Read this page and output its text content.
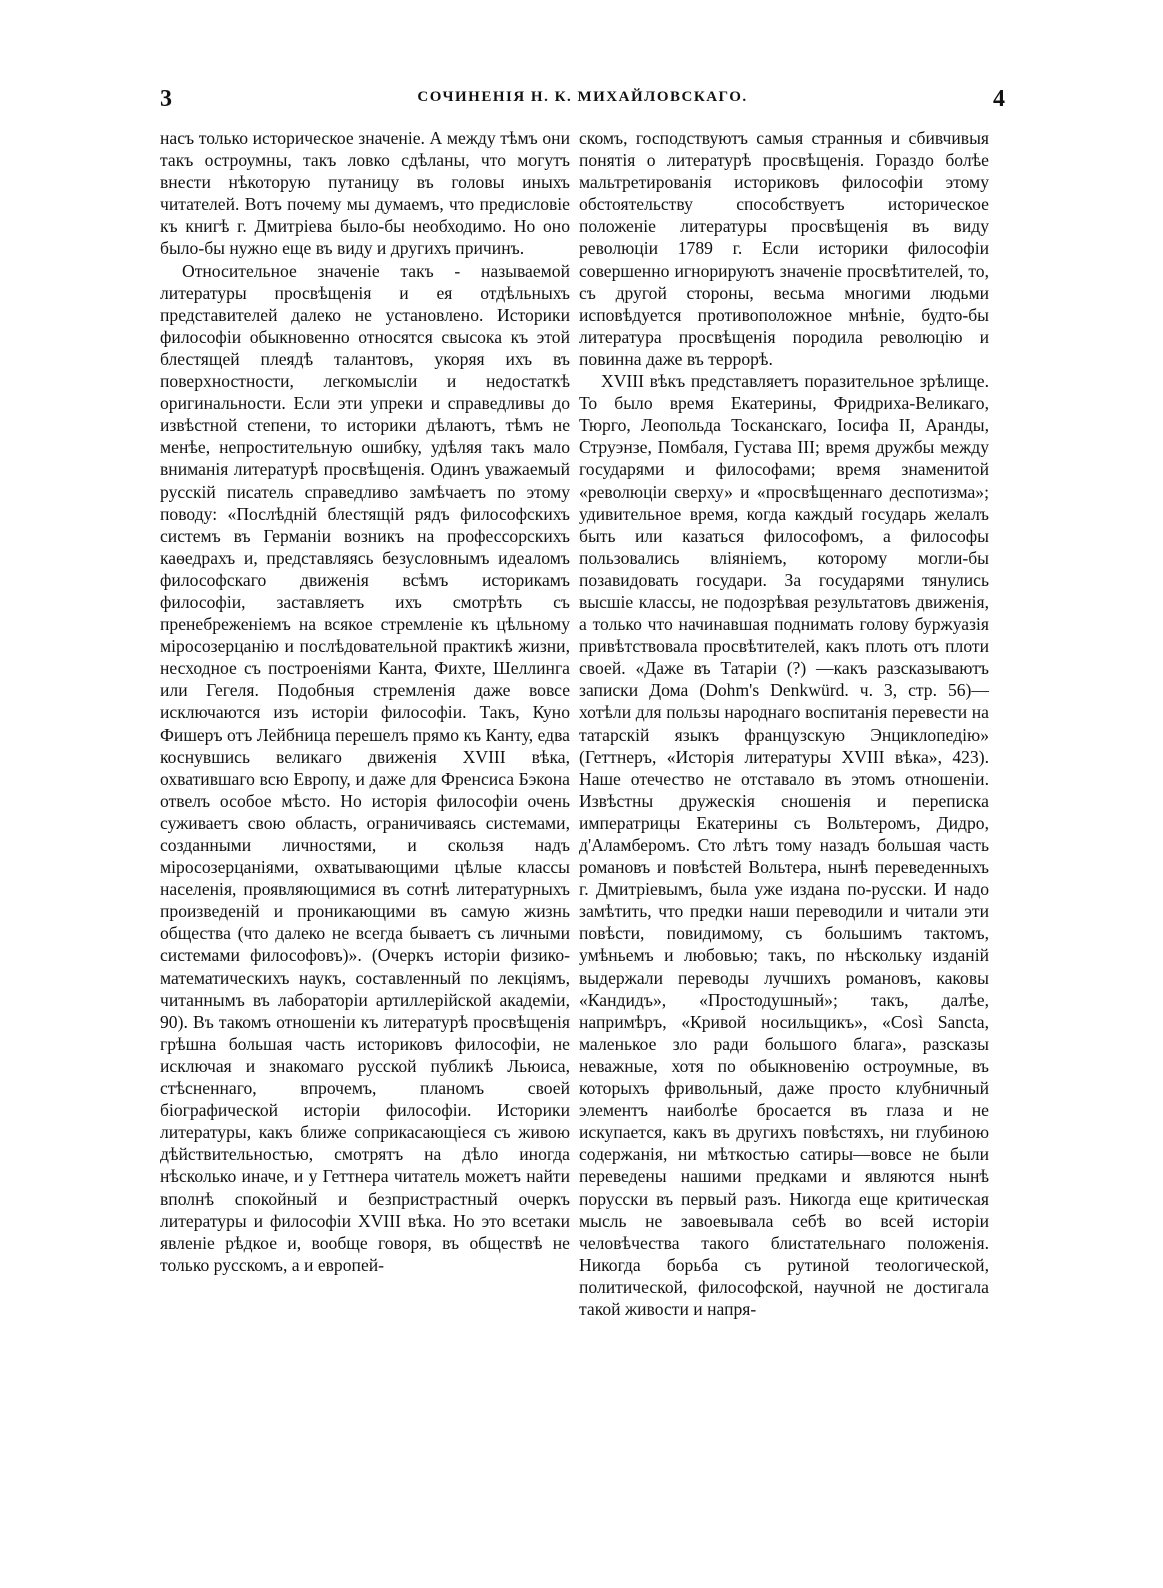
3	СОЧИНЕНІЯ Н. К. МИХАЙЛОВСКАГО.	4

насъ только историческое значеніе. А между тѣмъ они такъ остроумны, такъ ловко сдѣланы, что могутъ внести нѣкоторую путаницу въ головы иныхъ читателей. Вотъ почему мы думаемъ, что предисловіе къ книгѣ г. Дмитріева было-бы необходимо. Но оно было-бы нужно еще въ виду и другихъ причинъ.

Относительное значеніе такъ - называемой литературы просвѣщенія и ея отдѣльныхъ представителей далеко не установлено. Историки философіи обыкновенно относятся свысока къ этой блестящей плеядѣ талантовъ, укоряя ихъ въ поверхностности, легкомысліи и недостаткѣ оригинальности. Если эти упреки и справедливы до извѣстной степени, то историки дѣлаютъ, тѣмъ не менѣе, непростительную ошибку, удѣляя такъ мало вниманія литературѣ просвѣщенія. Одинъ уважаемый русскій писатель справедливо замѣчаетъ по этому поводу: «Послѣдній блестящій рядъ философскихъ системъ въ Германіи возникъ на профессорскихъ каѳедрахъ и, представляясь безусловнымъ идеаломъ философскаго движенія всѣмъ историкамъ философіи, заставляетъ ихъ смотрѣть съ пренебреженіемъ на всякое стремленіе къ цѣльному міросозерцанію и послѣдовательной практикѣ жизни, несходное съ построеніями Канта, Фихте, Шеллинга или Гегеля. Подобныя стремленія даже вовсе исключаются изъ исторіи философіи. Такъ, Куно Фишеръ отъ Лейбница перешелъ прямо къ Канту, едва коснувшись великаго движенія XVIII вѣка, охватившаго всю Европу, и даже для Френсиса Бэкона отвелъ особое мѣсто. Но исторія философіи очень суживаетъ свою область, ограничиваясь системами, созданными личностями, и скользя надъ міросозерцаніями, охватывающими цѣлые классы населенія, проявляющимися въ сотнѣ литературныхъ произведеній и проникающими въ самую жизнь общества (что далеко не всегда бываетъ съ личными системами философовъ)». (Очеркъ исторіи физико-математическихъ наукъ, составленный по лекціямъ, читаннымъ въ лабораторіи артиллерійской академіи, 90). Въ такомъ отношеніи къ литературѣ просвѣщенія грѣшна большая часть историковъ философіи, не исключая и знакомаго русской публикѣ Льюиса, стѣсненнаго, впрочемъ, планомъ своей біографической исторіи философіи. Историки литературы, какъ ближе соприкасающіеся съ живою дѣйствительностью, смотрятъ на дѣло иногда нѣсколько иначе, и у Геттнера читатель можетъ найти вполнѣ спокойный и безпристрастный очеркъ литературы и философіи XVIII вѣка. Но это всетаки явленіе рѣдкое и, вообще говоря, въ обществѣ не только русскомъ, а и европей-

скомъ, господствуютъ самыя странныя и сбивчивыя понятія о литературѣ просвѣщенія. Гораздо болѣе мальтретированія историковъ философіи этому обстоятельству способствуетъ историческое положеніе литературы просвѣщенія въ виду революціи 1789 г. Если историки философіи совершенно игнорируютъ значеніе просвѣтителей, то, съ другой стороны, весьма многими людьми исповѣдуется противоположное мнѣніе, будто-бы литература просвѣщенія породила революцію и повинна даже въ террорѣ.

XVIII вѣкъ представляетъ поразительное зрѣлище. То было время Екатерины, Фридриха-Великаго, Тюрго, Леопольда Тосканскаго, Іосифа II, Аранды, Струэнзе, Помбаля, Густава III; время дружбы между государями и философами; время знаменитой «революціи сверху» и «просвѣщеннаго деспотизма»; удивительное время, когда каждый государь желалъ быть или казаться философомъ, а философы пользовались вліяніемъ, которому могли-бы позавидовать государи. За государями тянулись высшіе классы, не подозрѣвая результатовъ движенія, а только что начинавшая поднимать голову буржуазія привѣтствовала просвѣтителей, какъ плоть отъ плоти своей. «Даже въ Татаріи (?) —какъ разсказываютъ записки Дома (Dohm's Denkwürd. ч. 3, стр. 56)—хотѣли для пользы народнаго воспитанія перевести на татарскій языкъ французскую Энциклопедію» (Геттнеръ, «Исторія литературы XVIII вѣка», 423). Наше отечество не отставало въ этомъ отношеніи. Извѣстны дружескія сношенія и переписка императрицы Екатерины съ Вольтеромъ, Дидро, д'Аламберомъ. Сто лѣтъ тому назадъ большая часть романовъ и повѣстей Вольтера, нынѣ переведенныхъ г. Дмитріевымъ, была уже издана по-русски. И надо замѣтить, что предки наши переводили и читали эти повѣсти, повидимому, съ большимъ тактомъ, умѣньемъ и любовью; такъ, по нѣскольку изданій выдержали переводы лучшихъ романовъ, каковы «Кандидъ», «Простодушный»; такъ, далѣе, напримѣръ, «Кривой носильщикъ», «Così Sancta, маленькое зло ради большого блага», разсказы неважные, хотя по обыкновенію остроумные, въ которыхъ фривольный, даже просто клубничный элементъ наиболѣе бросается въ глаза и не искупается, какъ въ другихъ повѣстяхъ, ни глубиною содержанія, ни мѣткостью сатиры—вовсе не были переведены нашими предками и являются нынѣ порусски въ первый разъ. Никогда еще критическая мысль не завоевывала себѣ во всей исторіи человѣчества такого блистательнаго положенія. Никогда борьба съ рутиной теологической, политической, философской, научной не достигала такой живости и напря-
